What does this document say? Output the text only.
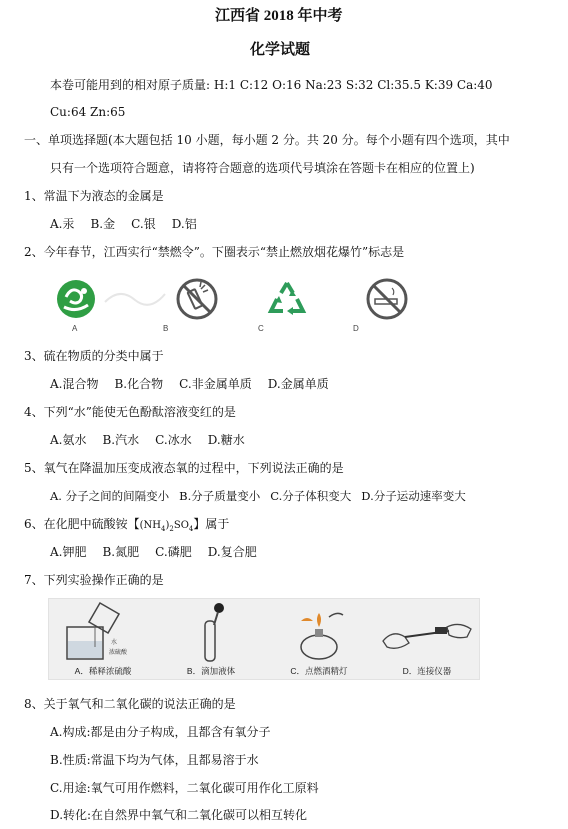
江西省 2018 年中考
化学试题
本卷可能用到的相对原子质量: H:1 C:12 O:16 Na:23 S:32 Cl:35.5 K:39 Ca:40
Cu:64 Zn:65
一、单项选择题(本大题包括 10 小题，每小题 2 分。共 20 分。每个小题有四个选项，其中
只有一个选项符合题意，请将符合题意的选项代号填涂在答题卡在相应的位置上)
1、常温下为液态的金属是
A.汞 B.金 C.银 D.铝
2、今年春节，江西实行“禁燃令”。下圈表示“禁止燃放烟花爆竹”标志是
A	B	C	D
3、硫在物质的分类中属于
A.混合物 B.化合物 C.非金属单质 D.金属单质
4、下列“水”能使无色酚酞溶液变红的是
A.氨水 B.汽水 C.冰水 D.糖水
5、氧气在降温加压变成液态氧的过程中，下列说法正确的是
A. 分子之间的间隔变小 B.分子质量变小 C.分子体积变大 D.分子运动速率变大
6、在化肥中硫酸铵【$(NH_4)_2SO_4$】属于
A.钾肥 B.氮肥 C.磷肥 D.复合肥
7、下列实验操作正确的是
水
浓硫酸
A．稀释浓硫酸	B．滴加液体	C．点燃酒精灯	D．连接仪器
8、关于氧气和二氧化碳的说法正确的是
A.构成:都是由分子构成，且都含有氧分子
B.性质:常温下均为气体，且都易溶于水
C.用途:氧气可用作燃料，二氧化碳可用作化工原料
D.转化:在自然界中氧气和二氧化碳可以相互转化
